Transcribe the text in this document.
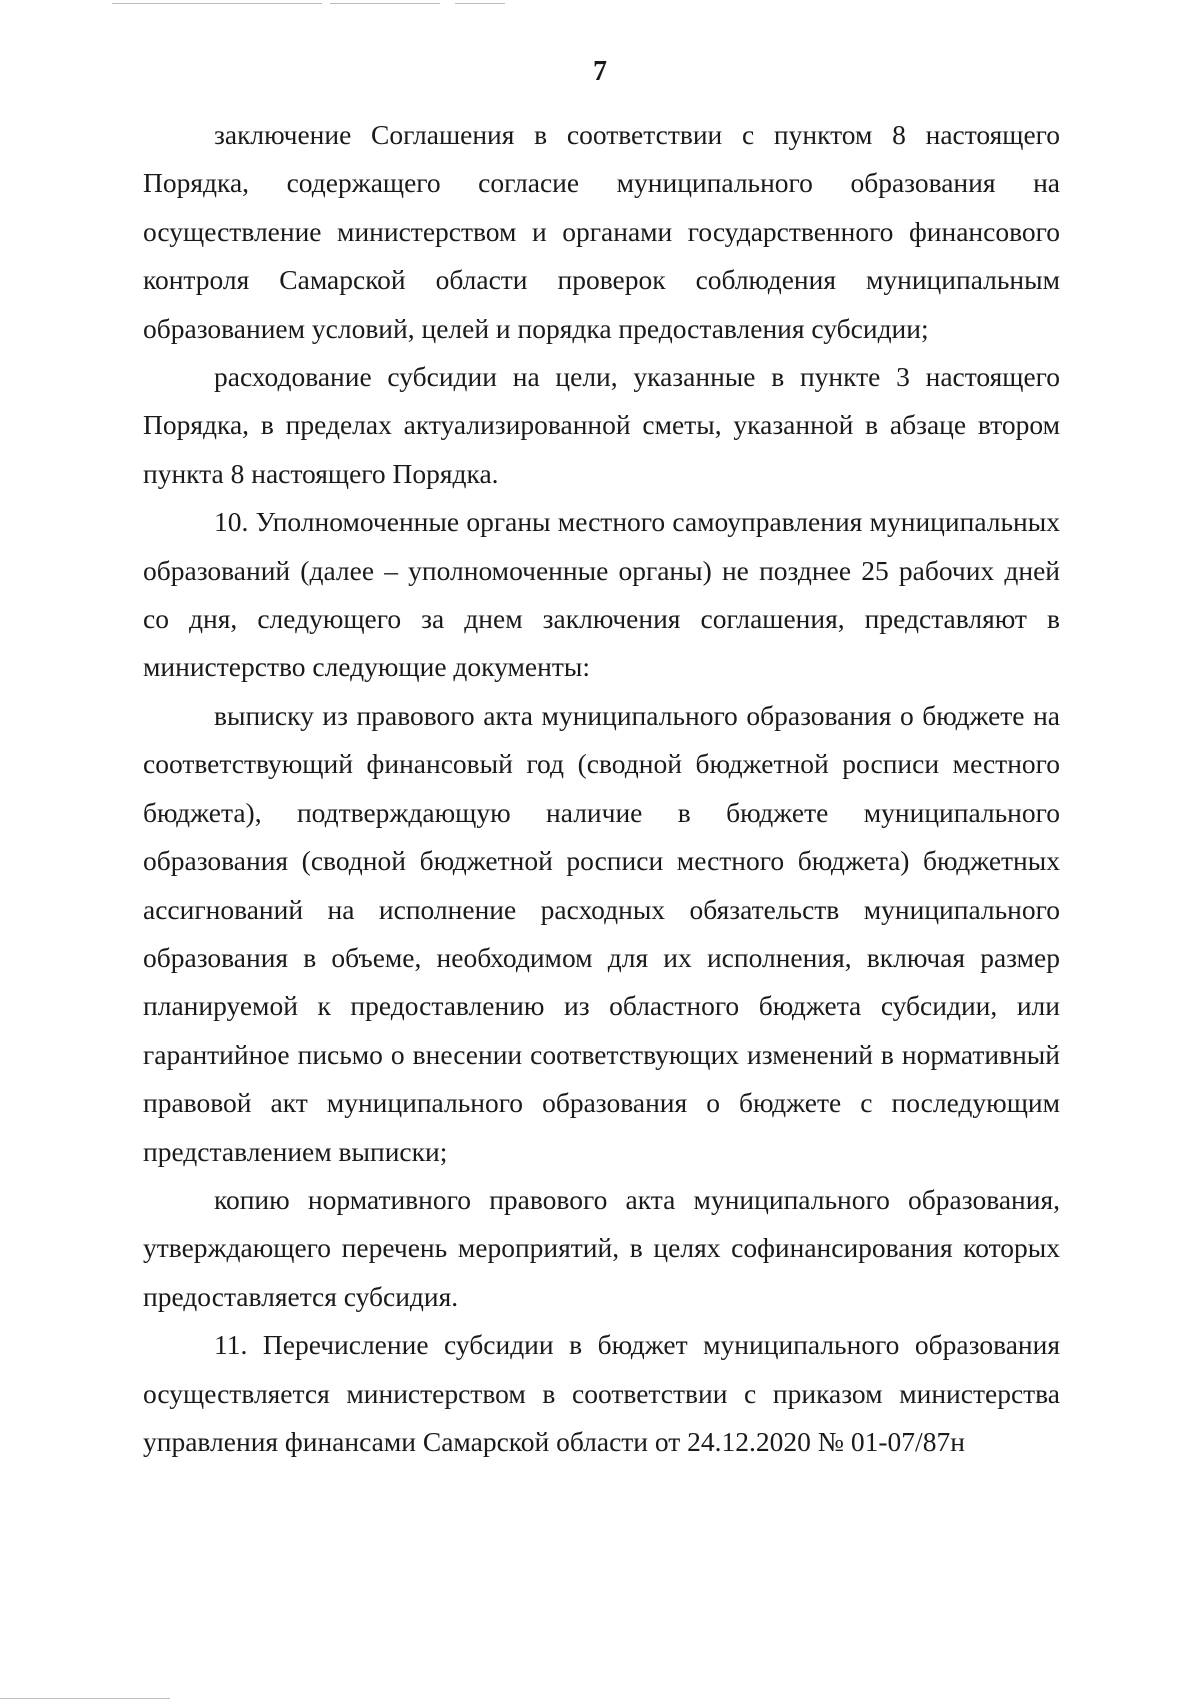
7

заключение Соглашения в соответствии с пунктом 8 настоящего Порядка, содержащего согласие муниципального образования на осуществление министерством и органами государственного финансового контроля Самарской области проверок соблюдения муниципальным образованием условий, целей и порядка предоставления субсидии;

расходование субсидии на цели, указанные в пункте 3 настоящего Порядка, в пределах актуализированной сметы, указанной в абзаце втором пункта 8 настоящего Порядка.

10. Уполномоченные органы местного самоуправления муниципальных образований (далее – уполномоченные органы) не позднее 25 рабочих дней со дня, следующего за днем заключения соглашения, представляют в министерство следующие документы:

выписку из правового акта муниципального образования о бюджете на соответствующий финансовый год (сводной бюджетной росписи местного бюджета), подтверждающую наличие в бюджете муниципального образования (сводной бюджетной росписи местного бюджета) бюджетных ассигнований на исполнение расходных обязательств муниципального образования в объеме, необходимом для их исполнения, включая размер планируемой к предоставлению из областного бюджета субсидии, или гарантийное письмо о внесении соответствующих изменений в нормативный правовой акт муниципального образования о бюджете с последующим представлением выписки;

копию нормативного правового акта муниципального образования, утверждающего перечень мероприятий, в целях софинансирования которых предоставляется субсидия.

11. Перечисление субсидии в бюджет муниципального образования осуществляется министерством в соответствии с приказом министерства управления финансами Самарской области от 24.12.2020 № 01-07/87н
